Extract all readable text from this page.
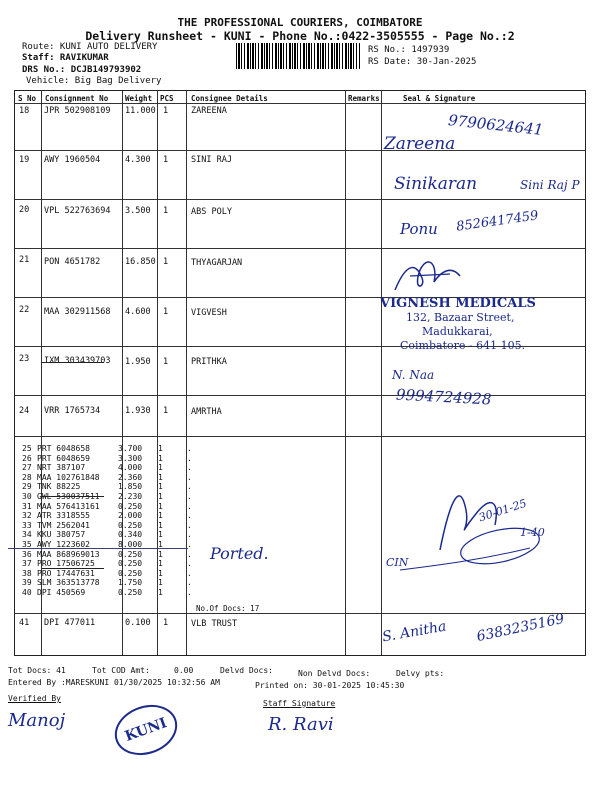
THE PROFESSIONAL COURIERS, COIMBATORE
Delivery Runsheet - KUNI - Phone No.:0422-3505555 - Page No.:2
Route: KUNI AUTO DELIVERY
Staff: RAVIKUMAR
DRS No.: DCJB149793902
Vehicle: Big Bag Delivery
RS No.: 1497939
RS Date: 30-Jan-2025
S No Consignment No Weight PCS Consignee Details	Remarks	Seal & Signature
18 JPR 502908109 11.000 1	ZAREENA
19 AWY 1960504	4.300 1	SINI RAJ
20 VPL 522763694 3.500 1	ABS POLY
21 PON 4651782	16.850 1	THYAGARJAN
22 MAA 302911568 4.600 1	VIGVESH
23 IXM 303439703 1.950 1	PRITHKA
24 VRR 1765734	1.930 1	AMRTHA
25 PRT 6048658	3.700 1	.
26 PRT 6048659	3.300 1	.
27 NRT 387107	4.000 1	.
28 MAA 102761848 2.360 1	.
29 TNK 88225	1.850 1	.
30 GWL 530037511 2.230 1	.
31 MAA 576413161 0.250 1	.
32 ATR 3318555	2.000 1	.
33 TVM 2562041	0.250 1	.
34 KKU 380757	0.340 1	.
35 AWY 1223602	8.000 1	.
36 MAA 868969013 0.250 1	.
37 PRO 17506725	0.250 1	.
38 PRO 17447631	0.250 1	.
39 SLM 363513778 1.750 1	.
40 DPI 450569	0.250 1	.
No.Of Docs: 17
41 DPI 477011	0.100 1	VLB TRUST
9790624641
Zareena
Sinikaran	Sini Raj P
Ponu 8526417459
VIGNESH MEDICALS
132, Bazaar Street,
Madukkarai,
Coimbatore - 641 105.
N. Naa
9994724928
30-01-25
1-40
CIN
Ported.
S. Anitha 6383235169
Tot Docs: 41	Tot COD Amt:	0.00	Delvd Docs:	Non Delvd Docs:	Delvy pts:
Entered By :MARESKUNI 01/30/2025 10:32:56 AM	Printed on: 30-01-2025 10:45:30
Verified By
Staff Signature
Manoj	R. Ravi
KUNI
